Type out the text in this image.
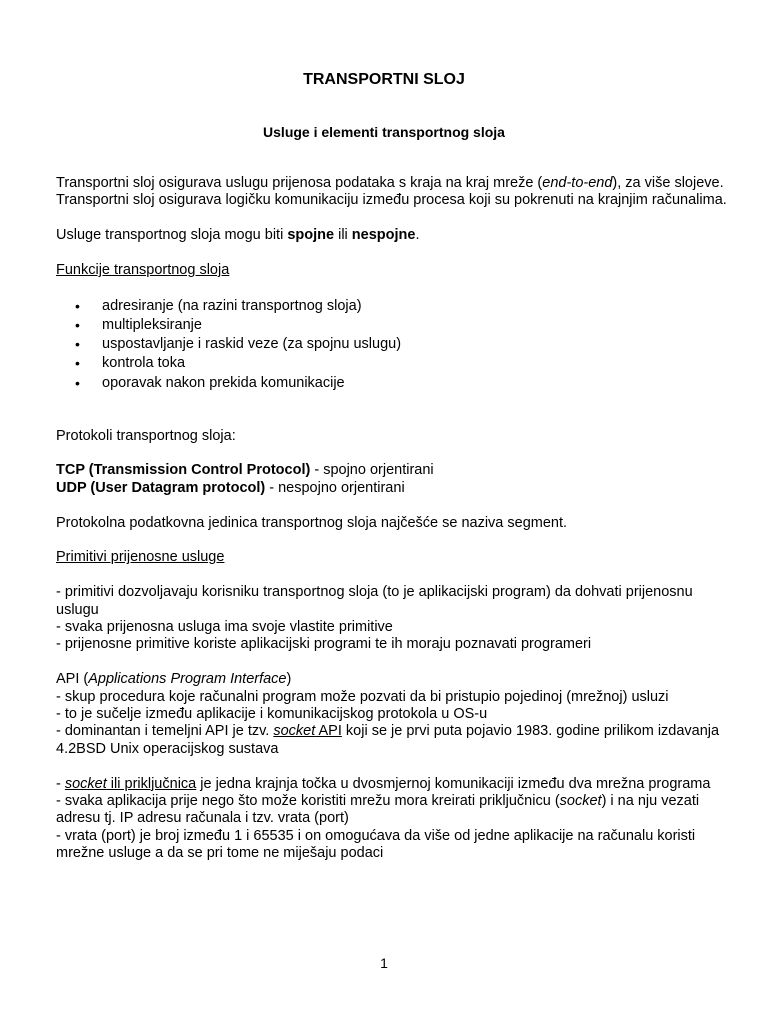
TRANSPORTNI SLOJ
Usluge i elementi transportnog sloja

Transportni sloj osigurava uslugu prijenosa podataka s kraja na kraj mreže (end-to-end), za više slojeve.

Transportni sloj osigurava logičku komunikaciju između procesa koji su pokrenuti na krajnjim računalima.

Usluge transportnog sloja mogu biti spojne ili nespojne.

Funkcije transportnog sloja

• adresiranje (na razini transportnog sloja)
• multipleksiranje
• uspostavljanje i raskid veze (za spojnu uslugu)
• kontrola toka
• oporavak nakon prekida komunikacije

Protokoli transportnog sloja:

TCP (Transmission Control Protocol) - spojno orjentirani

UDP (User Datagram protocol) - nespojno orjentirani

Protokolna podatkovna jedinica transportnog sloja najčešće se naziva segment.

Primitivi prijenosne usluge

- primitivi dozvoljavaju korisniku transportnog sloja (to je aplikacijski program) da dohvati prijenosnu uslugu

- svaka prijenosna usluga ima svoje vlastite primitive

- prijenosne primitive koriste aplikacijski programi te ih moraju poznavati programeri

API (Applications Program Interface)

- skup procedura koje računalni program može pozvati da bi pristupio pojedinoj (mrežnoj) usluzi

- to je sučelje između aplikacije i komunikacijskog protokola u OS-u

- dominantan i temeljni API je tzv. socket API koji se je prvi puta pojavio 1983. godine prilikom izdavanja 4.2BSD Unix operacijskog sustava

- socket ili priključnica je jedna krajnja točka u dvosmjernoj komunikaciji između dva mrežna programa

- svaka aplikacija prije nego što može koristiti mrežu mora kreirati priključnicu (socket) i na nju vezati adresu tj. IP adresu računala i tzv. vrata (port)

- vrata (port) je broj između 1 i 65535 i on omogućava da više od jedne aplikacije na računalu koristi mrežne usluge a da se pri tome ne miješaju podaci

1
